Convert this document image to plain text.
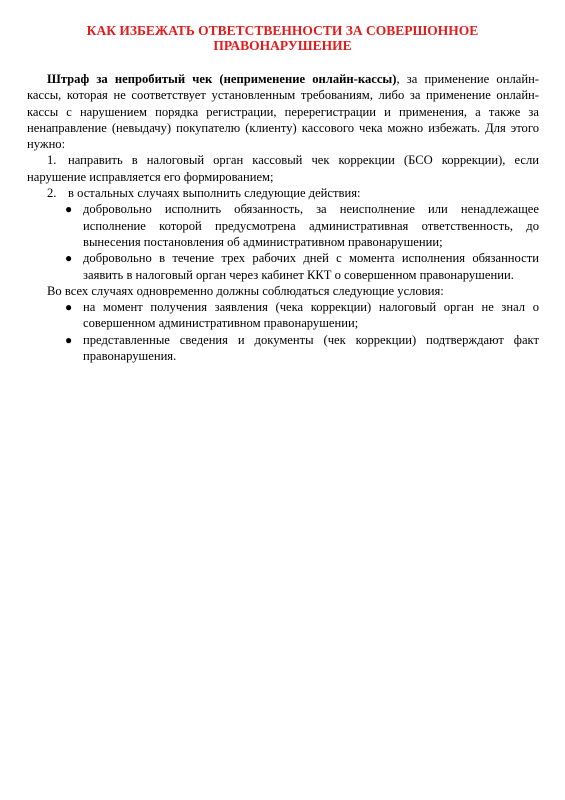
КАК ИЗБЕЖАТЬ ОТВЕТСТВЕННОСТИ ЗА СОВЕРШОННОЕ ПРАВОНАРУШЕНИЕ

Штраф за непробитый чек (неприменение онлайн-кассы), за применение онлайн-кассы, которая не соответствует установленным требованиям, либо за применение онлайн-кассы с нарушением порядка регистрации, перерегистрации и применения, а также за ненаправление (невыдачу) покупателю (клиенту) кассового чека можно избежать. Для этого нужно:

1. направить в налоговый орган кассовый чек коррекции (БСО коррекции), если нарушение исправляется его формированием;

2. в остальных случаях выполнить следующие действия:

● добровольно исполнить обязанность, за неисполнение или ненадлежащее исполнение которой предусмотрена административная ответственность, до вынесения постановления об административном правонарушении;
● добровольно в течение трех рабочих дней с момента исполнения обязанности заявить в налоговый орган через кабинет ККТ о совершенном правонарушении.

Во всех случаях одновременно должны соблюдаться следующие условия:

● на момент получения заявления (чека коррекции) налоговый орган не знал о совершенном административном правонарушении;
● представленные сведения и документы (чек коррекции) подтверждают факт правонарушения.
